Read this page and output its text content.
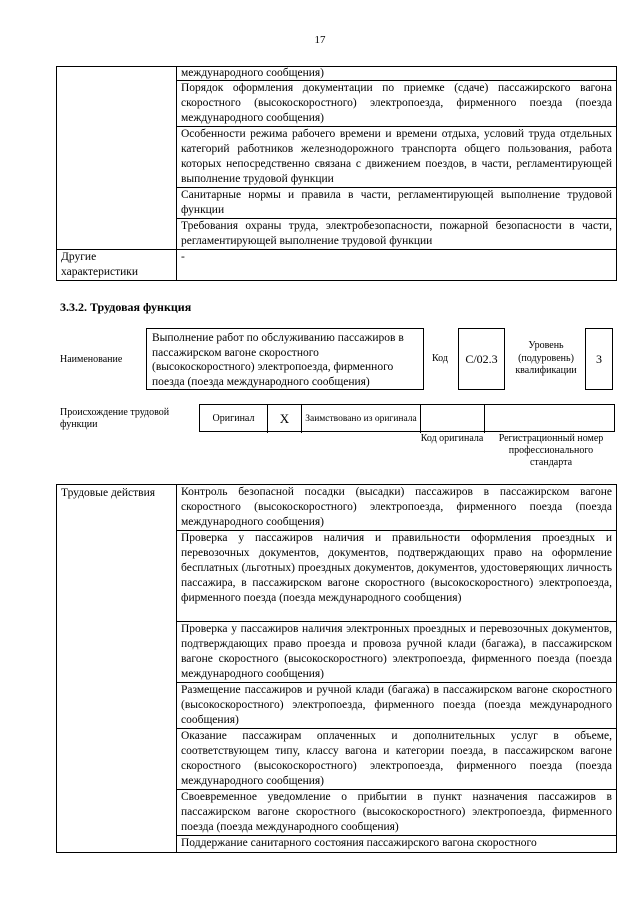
17
	международного сообщения)
	Порядок оформления документации по приемке (сдаче) пассажирского вагона скоростного (высокоскоростного) электропоезда, фирменного поезда (поезда международного сообщения)
	Особенности режима рабочего времени и времени отдыха, условий труда отдельных категорий работников железнодорожного транспорта общего пользования, работа которых непосредственно связана с движением поездов, в части, регламентирующей выполнение трудовой функции
	Санитарные нормы и правила в части, регламентирующей выполнение трудовой функции
	Требования охраны труда, электробезопасности, пожарной безопасности в части, регламентирующей выполнение трудовой функции
Другие характеристики	-
3.3.2. Трудовая функция
Наименование
Выполнение работ по обслуживанию пассажиров в пассажирском вагоне скоростного (высокоскоростного) электропоезда, фирменного поезда (поезда международного сообщения)
Код	C/02.3
Уровень (подуровень) квалификации
3
Происхождение трудовой функции
Оригинал X Заимствовано из оригинала
Код оригинала	Регистрационный номер профессионального стандарта
Трудовые действия	Контроль безопасной посадки (высадки) пассажиров в пассажирском вагоне скоростного (высокоскоростного) электропоезда, фирменного поезда (поезда международного сообщения)
Проверка у пассажиров наличия и правильности оформления проездных и перевозочных документов, документов, подтверждающих право на оформление бесплатных (льготных) проездных документов, документов, удостоверяющих личность пассажира, в пассажирском вагоне скоростного (высокоскоростного) электропоезда, фирменного поезда (поезда международного сообщения)
Проверка у пассажиров наличия электронных проездных и перевозочных документов, подтверждающих право проезда и провоза ручной клади (багажа), в пассажирском вагоне скоростного (высокоскоростного) электропоезда, фирменного поезда (поезда международного сообщения)
Размещение пассажиров и ручной клади (багажа) в пассажирском вагоне скоростного (высокоскоростного) электропоезда, фирменного поезда (поезда международного сообщения)
Оказание пассажирам оплаченных и дополнительных услуг в объеме, соответствующем типу, классу вагона и категории поезда, в пассажирском вагоне скоростного (высокоскоростного) электропоезда, фирменного поезда (поезда международного сообщения)
Своевременное уведомление о прибытии в пункт назначения пассажиров в пассажирском вагоне скоростного (высокоскоростного) электропоезда, фирменного поезда (поезда международного сообщения)
Поддержание санитарного состояния пассажирского вагона скоростного
